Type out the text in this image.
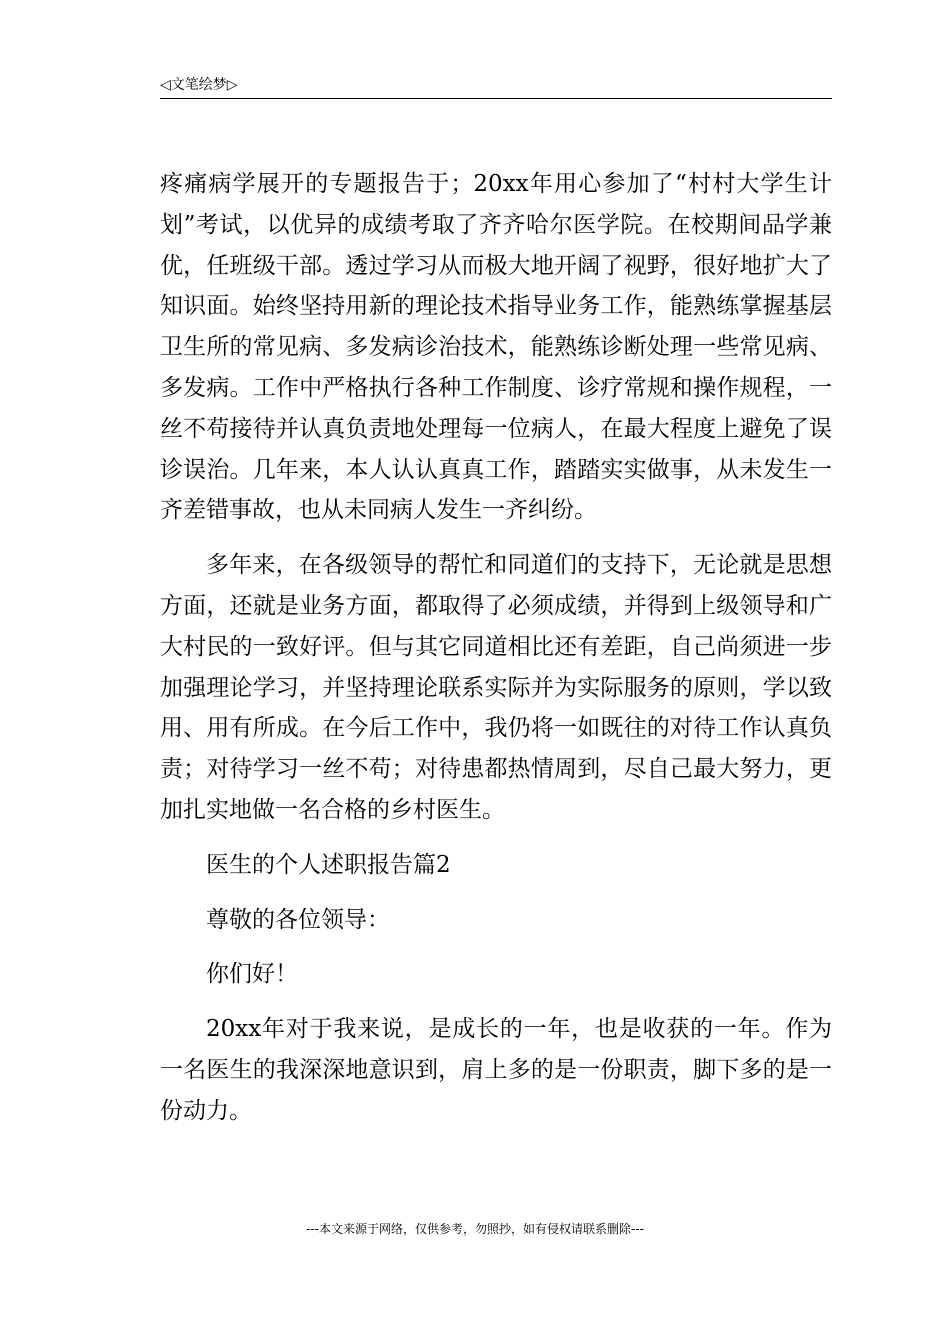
◁文笔绘梦▷

疼痛病学展开的专题报告于；20xx年用心参加了“村村大学生计划”考试，以优异的成绩考取了齐齐哈尔医学院。在校期间品学兼优，任班级干部。透过学习从而极大地开阔了视野，很好地扩大了知识面。始终坚持用新的理论技术指导业务工作，能熟练掌握基层卫生所的常见病、多发病诊治技术，能熟练诊断处理一些常见病、多发病。工作中严格执行各种工作制度、诊疗常规和操作规程，一丝不苟接待并认真负责地处理每一位病人，在最大程度上避免了误诊误治。几年来，本人认认真真工作，踏踏实实做事，从未发生一齐差错事故，也从未同病人发生一齐纠纷。

多年来，在各级领导的帮忙和同道们的支持下，无论就是思想方面，还就是业务方面，都取得了必须成绩，并得到上级领导和广大村民的一致好评。但与其它同道相比还有差距，自己尚须进一步加强理论学习，并坚持理论联系实际并为实际服务的原则，学以致用、用有所成。在今后工作中，我仍将一如既往的对待工作认真负责；对待学习一丝不苟；对待患都热情周到，尽自己最大努力，更加扎实地做一名合格的乡村医生。

医生的个人述职报告篇2

尊敬的各位领导：

你们好！

20xx年对于我来说，是成长的一年，也是收获的一年。作为一名医生的我深深地意识到，肩上多的是一份职责，脚下多的是一份动力。

---本文来源于网络，仅供参考，勿照抄，如有侵权请联系删除---
